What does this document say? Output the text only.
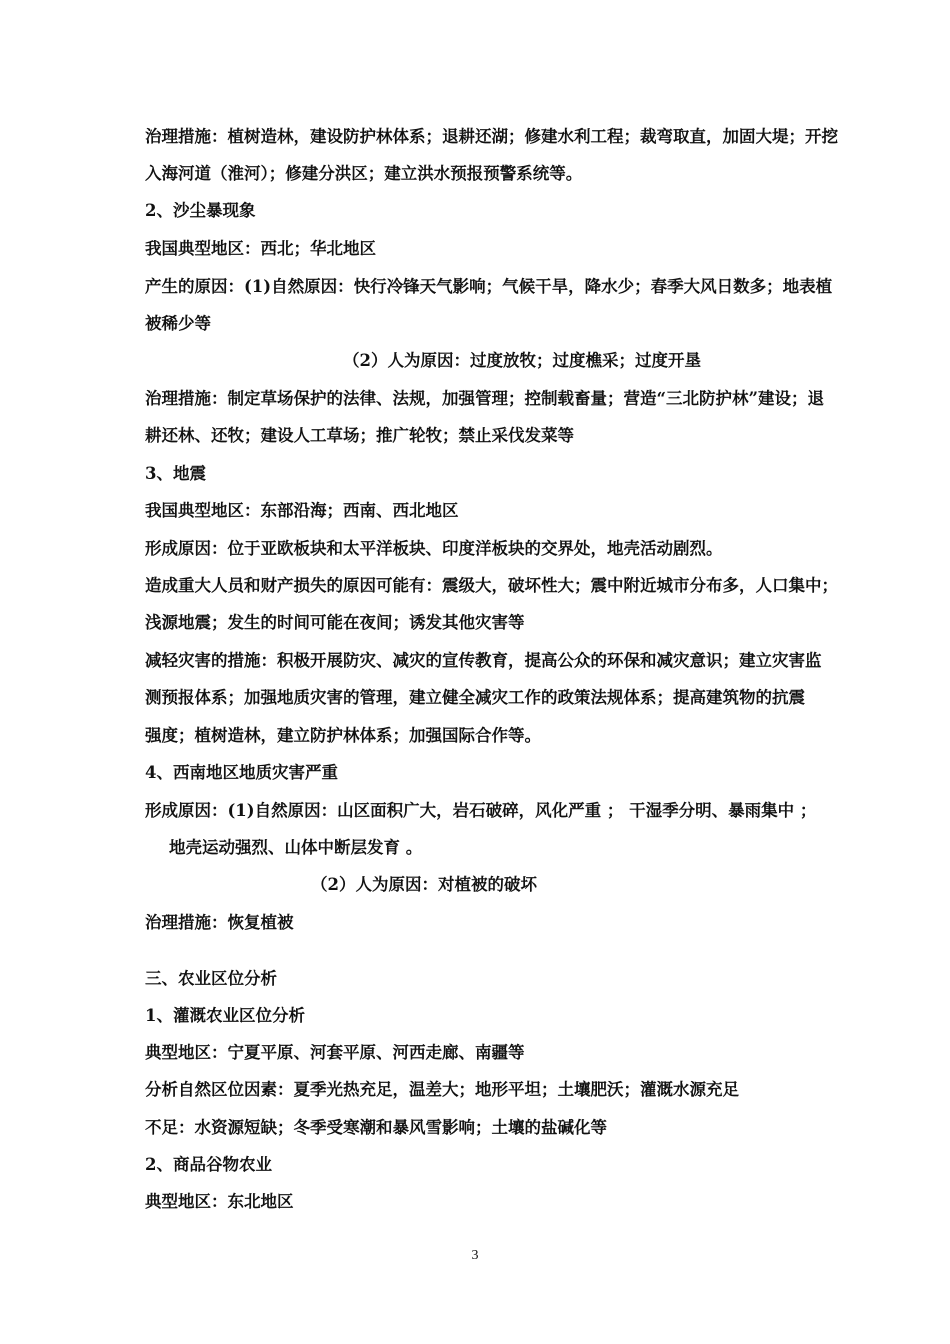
治理措施：植树造林，建设防护林体系；退耕还湖；修建水利工程；裁弯取直，加固大堤；开挖
入海河道（淮河）；修建分洪区；建立洪水预报预警系统等。
2、沙尘暴现象
我国典型地区：西北；华北地区
产生的原因：(1)自然原因：快行冷锋天气影响；气候干旱，降水少；春季大风日数多；地表植
被稀少等
（2）人为原因：过度放牧；过度樵采；过度开垦
治理措施：制定草场保护的法律、法规，加强管理；控制载畜量；营造“三北防护林”建设；退
耕还林、还牧；建设人工草场；推广轮牧；禁止采伐发菜等
3、地震
我国典型地区：东部沿海；西南、西北地区
形成原因：位于亚欧板块和太平洋板块、印度洋板块的交界处，地壳活动剧烈。
造成重大人员和财产损失的原因可能有：震级大，破坏性大；震中附近城市分布多，人口集中；
浅源地震；发生的时间可能在夜间；诱发其他灾害等
减轻灾害的措施：积极开展防灾、减灾的宣传教育，提高公众的环保和减灾意识；建立灾害监
测预报体系；加强地质灾害的管理，建立健全减灾工作的政策法规体系；提高建筑物的抗震
强度；植树造林，建立防护林体系；加强国际合作等。
4、西南地区地质灾害严重
形成原因：(1)自然原因：山区面积广大，岩石破碎，风化严重 ； 干湿季分明、暴雨集中 ；
地壳运动强烈、山体中断层发育 。
（2）人为原因：对植被的破坏
治理措施：恢复植被
三、农业区位分析
1、灌溉农业区位分析
典型地区：宁夏平原、河套平原、河西走廊、南疆等
分析自然区位因素：夏季光热充足，温差大；地形平坦；土壤肥沃；灌溉水源充足
不足：水资源短缺；冬季受寒潮和暴风雪影响；土壤的盐碱化等
2、商品谷物农业
典型地区：东北地区
3
